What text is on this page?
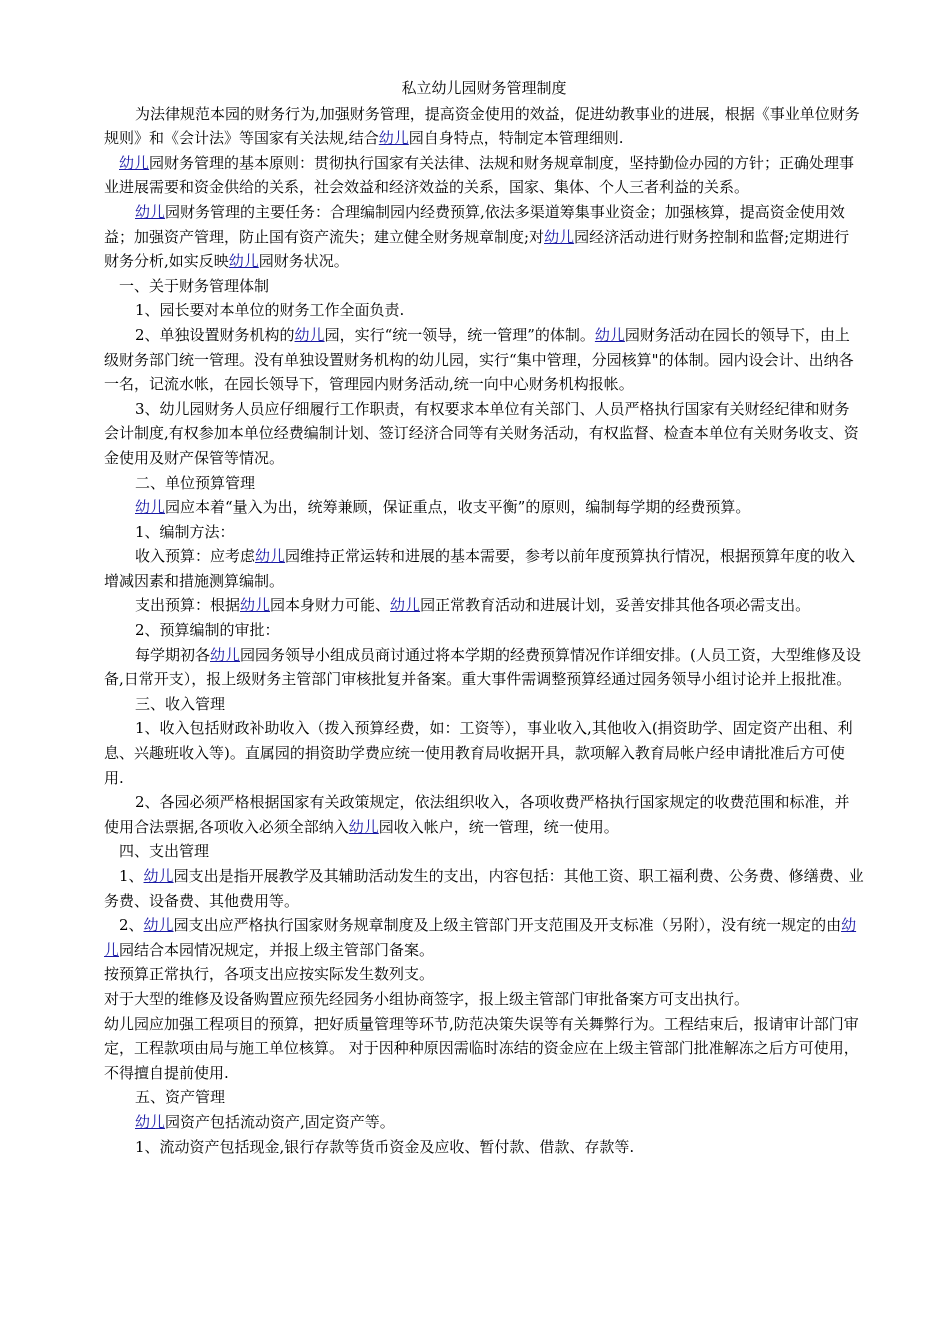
私立幼儿园财务管理制度

为法律规范本园的财务行为,加强财务管理，提高资金使用的效益，促进幼教事业的进展，根据《事业单位财务规则》和《会计法》等国家有关法规,结合幼儿园自身特点，特制定本管理细则.

幼儿园财务管理的基本原则：贯彻执行国家有关法律、法规和财务规章制度，坚持勤俭办园的方针；正确处理事业进展需要和资金供给的关系，社会效益和经济效益的关系，国家、集体、个人三者利益的关系。

幼儿园财务管理的主要任务：合理编制园内经费预算,依法多渠道筹集事业资金；加强核算，提高资金使用效益；加强资产管理，防止国有资产流失；建立健全财务规章制度;对幼儿园经济活动进行财务控制和监督;定期进行财务分析,如实反映幼儿园财务状况。

一、关于财务管理体制

1、园长要对本单位的财务工作全面负责.

2、单独设置财务机构的幼儿园，实行“统一领导，统一管理”的体制。幼儿园财务活动在园长的领导下，由上级财务部门统一管理。没有单独设置财务机构的幼儿园，实行“集中管理，分园核算"的体制。园内设会计、出纳各一名，记流水帐，在园长领导下，管理园内财务活动,统一向中心财务机构报帐。

3、幼儿园财务人员应仔细履行工作职责，有权要求本单位有关部门、人员严格执行国家有关财经纪律和财务会计制度,有权参加本单位经费编制计划、签订经济合同等有关财务活动，有权监督、检查本单位有关财务收支、资金使用及财产保管等情况。

二、单位预算管理

幼儿园应本着“量入为出，统筹兼顾，保证重点，收支平衡”的原则，编制每学期的经费预算。

1、编制方法：

收入预算：应考虑幼儿园维持正常运转和进展的基本需要，参考以前年度预算执行情况，根据预算年度的收入增减因素和措施测算编制。

支出预算：根据幼儿园本身财力可能、幼儿园正常教育活动和进展计划，妥善安排其他各项必需支出。

2、预算编制的审批：

每学期初各幼儿园园务领导小组成员商讨通过将本学期的经费预算情况作详细安排。(人员工资，大型维修及设备,日常开支），报上级财务主管部门审核批复并备案。重大事件需调整预算经通过园务领导小组讨论并上报批准。

三、收入管理

1、收入包括财政补助收入（拨入预算经费，如：工资等），事业收入,其他收入(捐资助学、固定资产出租、利息、兴趣班收入等)。直属园的捐资助学费应统一使用教育局收据开具，款项解入教育局帐户经申请批准后方可使用.

2、各园必须严格根据国家有关政策规定，依法组织收入，各项收费严格执行国家规定的收费范围和标准，并使用合法票据,各项收入必须全部纳入幼儿园收入帐户，统一管理，统一使用。

四、支出管理

1、幼儿园支出是指开展教学及其辅助活动发生的支出，内容包括：其他工资、职工福利费、公务费、修缮费、业务费、设备费、其他费用等。

2、幼儿园支出应严格执行国家财务规章制度及上级主管部门开支范围及开支标准（另附），没有统一规定的由幼儿园结合本园情况规定，并报上级主管部门备案。

按预算正常执行，各项支出应按实际发生数列支。

对于大型的维修及设备购置应预先经园务小组协商签字，报上级主管部门审批备案方可支出执行。

幼儿园应加强工程项目的预算，把好质量管理等环节,防范决策失误等有关舞弊行为。工程结束后，报请审计部门审定，工程款项由局与施工单位核算。 对于因种种原因需临时冻结的资金应在上级主管部门批准解冻之后方可使用，不得擅自提前使用.

五、资产管理

幼儿园资产包括流动资产,固定资产等。

1、流动资产包括现金,银行存款等货币资金及应收、暂付款、借款、存款等.
